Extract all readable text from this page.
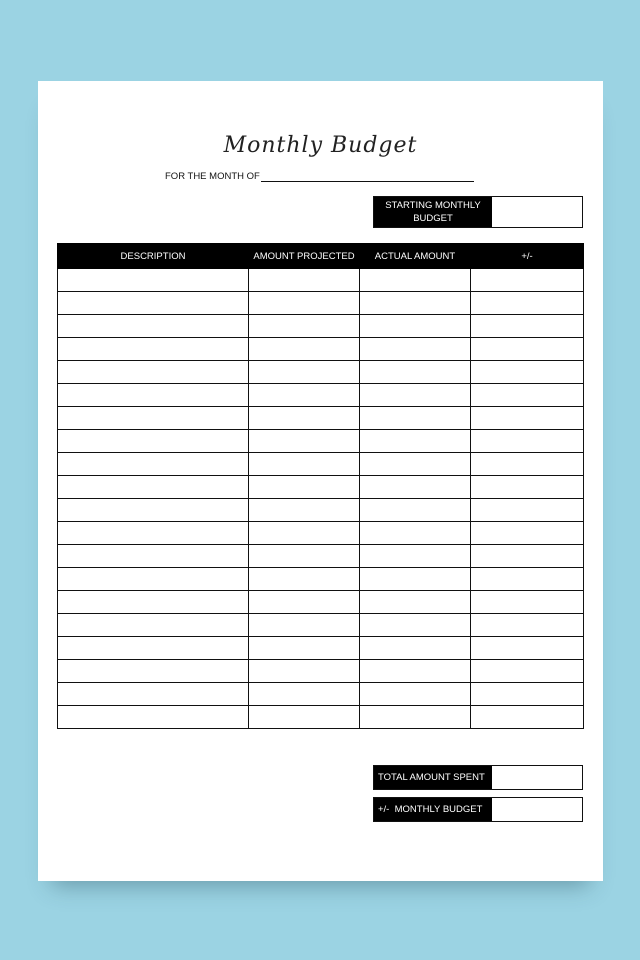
Monthly Budget
FOR THE MONTH OF
STARTING MONTHLY BUDGET
DESCRIPTION	AMOUNT PROJECTED	ACTUAL AMOUNT	+/-

TOTAL AMOUNT SPENT
+/-  MONTHLY BUDGET
